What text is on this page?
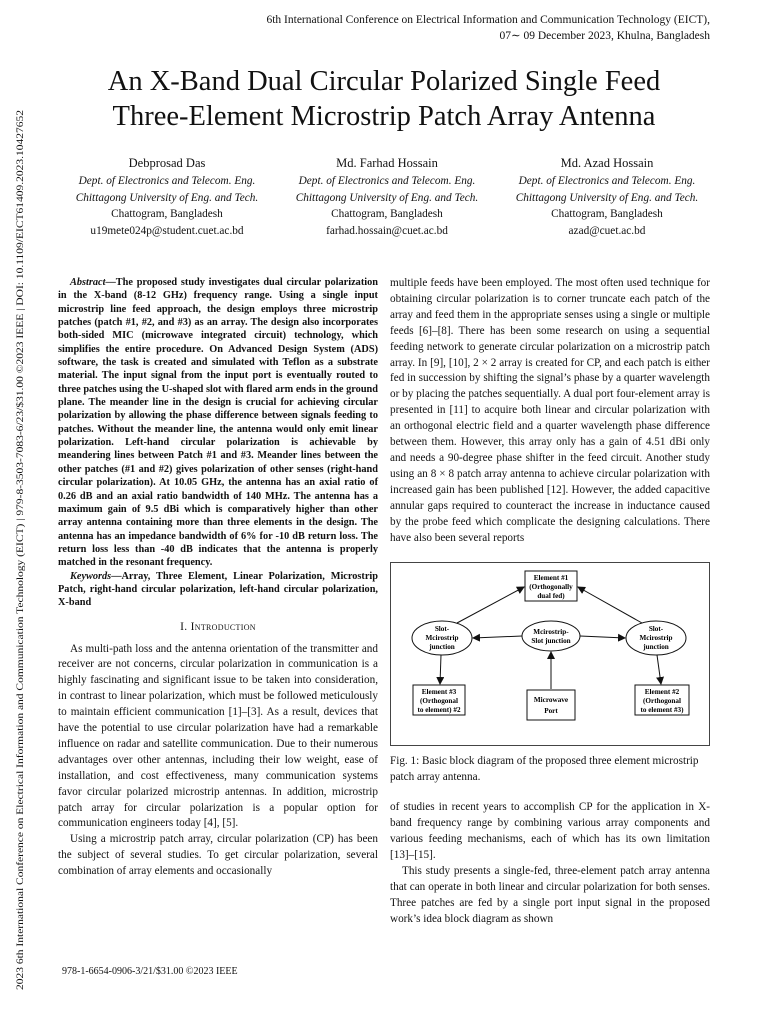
6th International Conference on Electrical Information and Communication Technology (EICT),
07∼ 09 December 2023, Khulna, Bangladesh
2023 6th International Conference on Electrical Information and Communication Technology (EICT) | 979-8-3503-7083-6/23/$31.00 ©2023 IEEE | DOI: 10.1109/EICT61409.2023.10427652
An X-Band Dual Circular Polarized Single Feed
Three-Element Microstrip Patch Array Antenna
Debprosad Das
Dept. of Electronics and Telecom. Eng.
Chittagong University of Eng. and Tech.
Chattogram, Bangladesh
u19mete024p@student.cuet.ac.bd
Md. Farhad Hossain
Dept. of Electronics and Telecom. Eng.
Chittagong University of Eng. and Tech.
Chattogram, Bangladesh
farhad.hossain@cuet.ac.bd
Md. Azad Hossain
Dept. of Electronics and Telecom. Eng.
Chittagong University of Eng. and Tech.
Chattogram, Bangladesh
azad@cuet.ac.bd

Abstract—The proposed study investigates dual circular polarization in the X-band (8-12 GHz) frequency range. Using a single input microstrip line feed approach, the design employs three microstrip patches (patch #1, #2, and #3) as an array. The design also incorporates both-sided MIC (microwave integrated circuit) technology, which simplifies the entire procedure. On Advanced Design System (ADS) software, the task is created and simulated with Teflon as a substrate material. The input signal from the input port is eventually routed to three patches using the U-shaped slot with flared arm ends in the ground plane. The meander line in the design is crucial for achieving circular polarization by allowing the phase difference between signals feeding to patches. Without the meander line, the antenna would only emit linear polarization. Left-hand circular polarization is achievable by meandering lines between Patch #1 and #3. Meander lines between the other patches (#1 and #2) gives polarization of other senses (right-hand circular polarization). At 10.05 GHz, the antenna has an axial ratio of 0.26 dB and an axial ratio bandwidth of 140 MHz. The antenna has a maximum gain of 9.5 dBi which is comparatively higher than other array antenna containing more than three elements in the design. The antenna has an impedance bandwidth of 6% for -10 dB return loss. The return loss less than -40 dB indicates that the antenna is properly matched in the resonant frequency.

Keywords—Array, Three Element, Linear Polarization, Microstrip Patch, right-hand circular polarization, left-hand circular polarization, X-band

I. Introduction

As multi-path loss and the antenna orientation of the transmitter and receiver are not concerns, circular polarization in communication is a highly fascinating and significant issue to be taken into consideration, in contrast to linear polarization, which must be followed meticulously to maintain efficient communication [1]–[3]. As a result, devices that have the potential to use circular polarization have had a remarkable influence on radar and satellite communication. Due to their numerous advantages over other antennas, including their low weight, ease of installation, and cost effectiveness, many communication systems favor circular polarized microstrip antennas. In addition, microstrip patch array for circular polarization is a popular option for communication engineers today [4], [5].

Using a microstrip patch array, circular polarization (CP) has been the subject of several studies. To get circular polarization, several combination of array elements and occasionally

multiple feeds have been employed. The most often used technique for obtaining circular polarization is to corner truncate each patch of the array and feed them in the appropriate senses using a single or multiple feeds [6]–[8]. There has been some research on using a sequential feeding network to generate circular polarization on a microstrip patch array. In [9], [10], 2 × 2 array is created for CP, and each patch is either fed in succession by shifting the signal’s phase by a quarter wavelength or by placing the patches sequentially. A dual port four-element array is presented in [11] to acquire both linear and circular polarization with an orthogonal electric field and a quarter wavelength phase difference between them. However, this array only has a gain of 4.51 dBi only and needs a 90-degree phase shifter in the feed circuit. Another study using an 8 × 8 patch array antenna to achieve circular polarization with increased gain has been published [12]. However, the added capacitive annular gaps required to counteract the increase in inductance caused by the probe feed which complicate the designing calculations. There have also been several reports

Element #1
(Orthogonally
dual fed)
Slot-
Mcirostrip
junction
Mcirostrip-
Slot junction
Slot-
Mcirostrip
junction
Element #3
(Orthogonal
to element) #2
Microwave
Port
Element #2
(Orthogonal
to element #3)
Fig. 1: Basic block diagram of the proposed three element microstrip patch array antenna.

of studies in recent years to accomplish CP for the application in X-band frequency range by combining various array components and various feeding mechanisms, each of which has its own limitation [13]–[15].

This study presents a single-fed, three-element patch array antenna that can operate in both linear and circular polarization for both senses. Three patches are fed by a single port input signal in the proposed work’s idea block diagram as shown

978-1-6654-0906-3/21/$31.00 ©2023 IEEE
